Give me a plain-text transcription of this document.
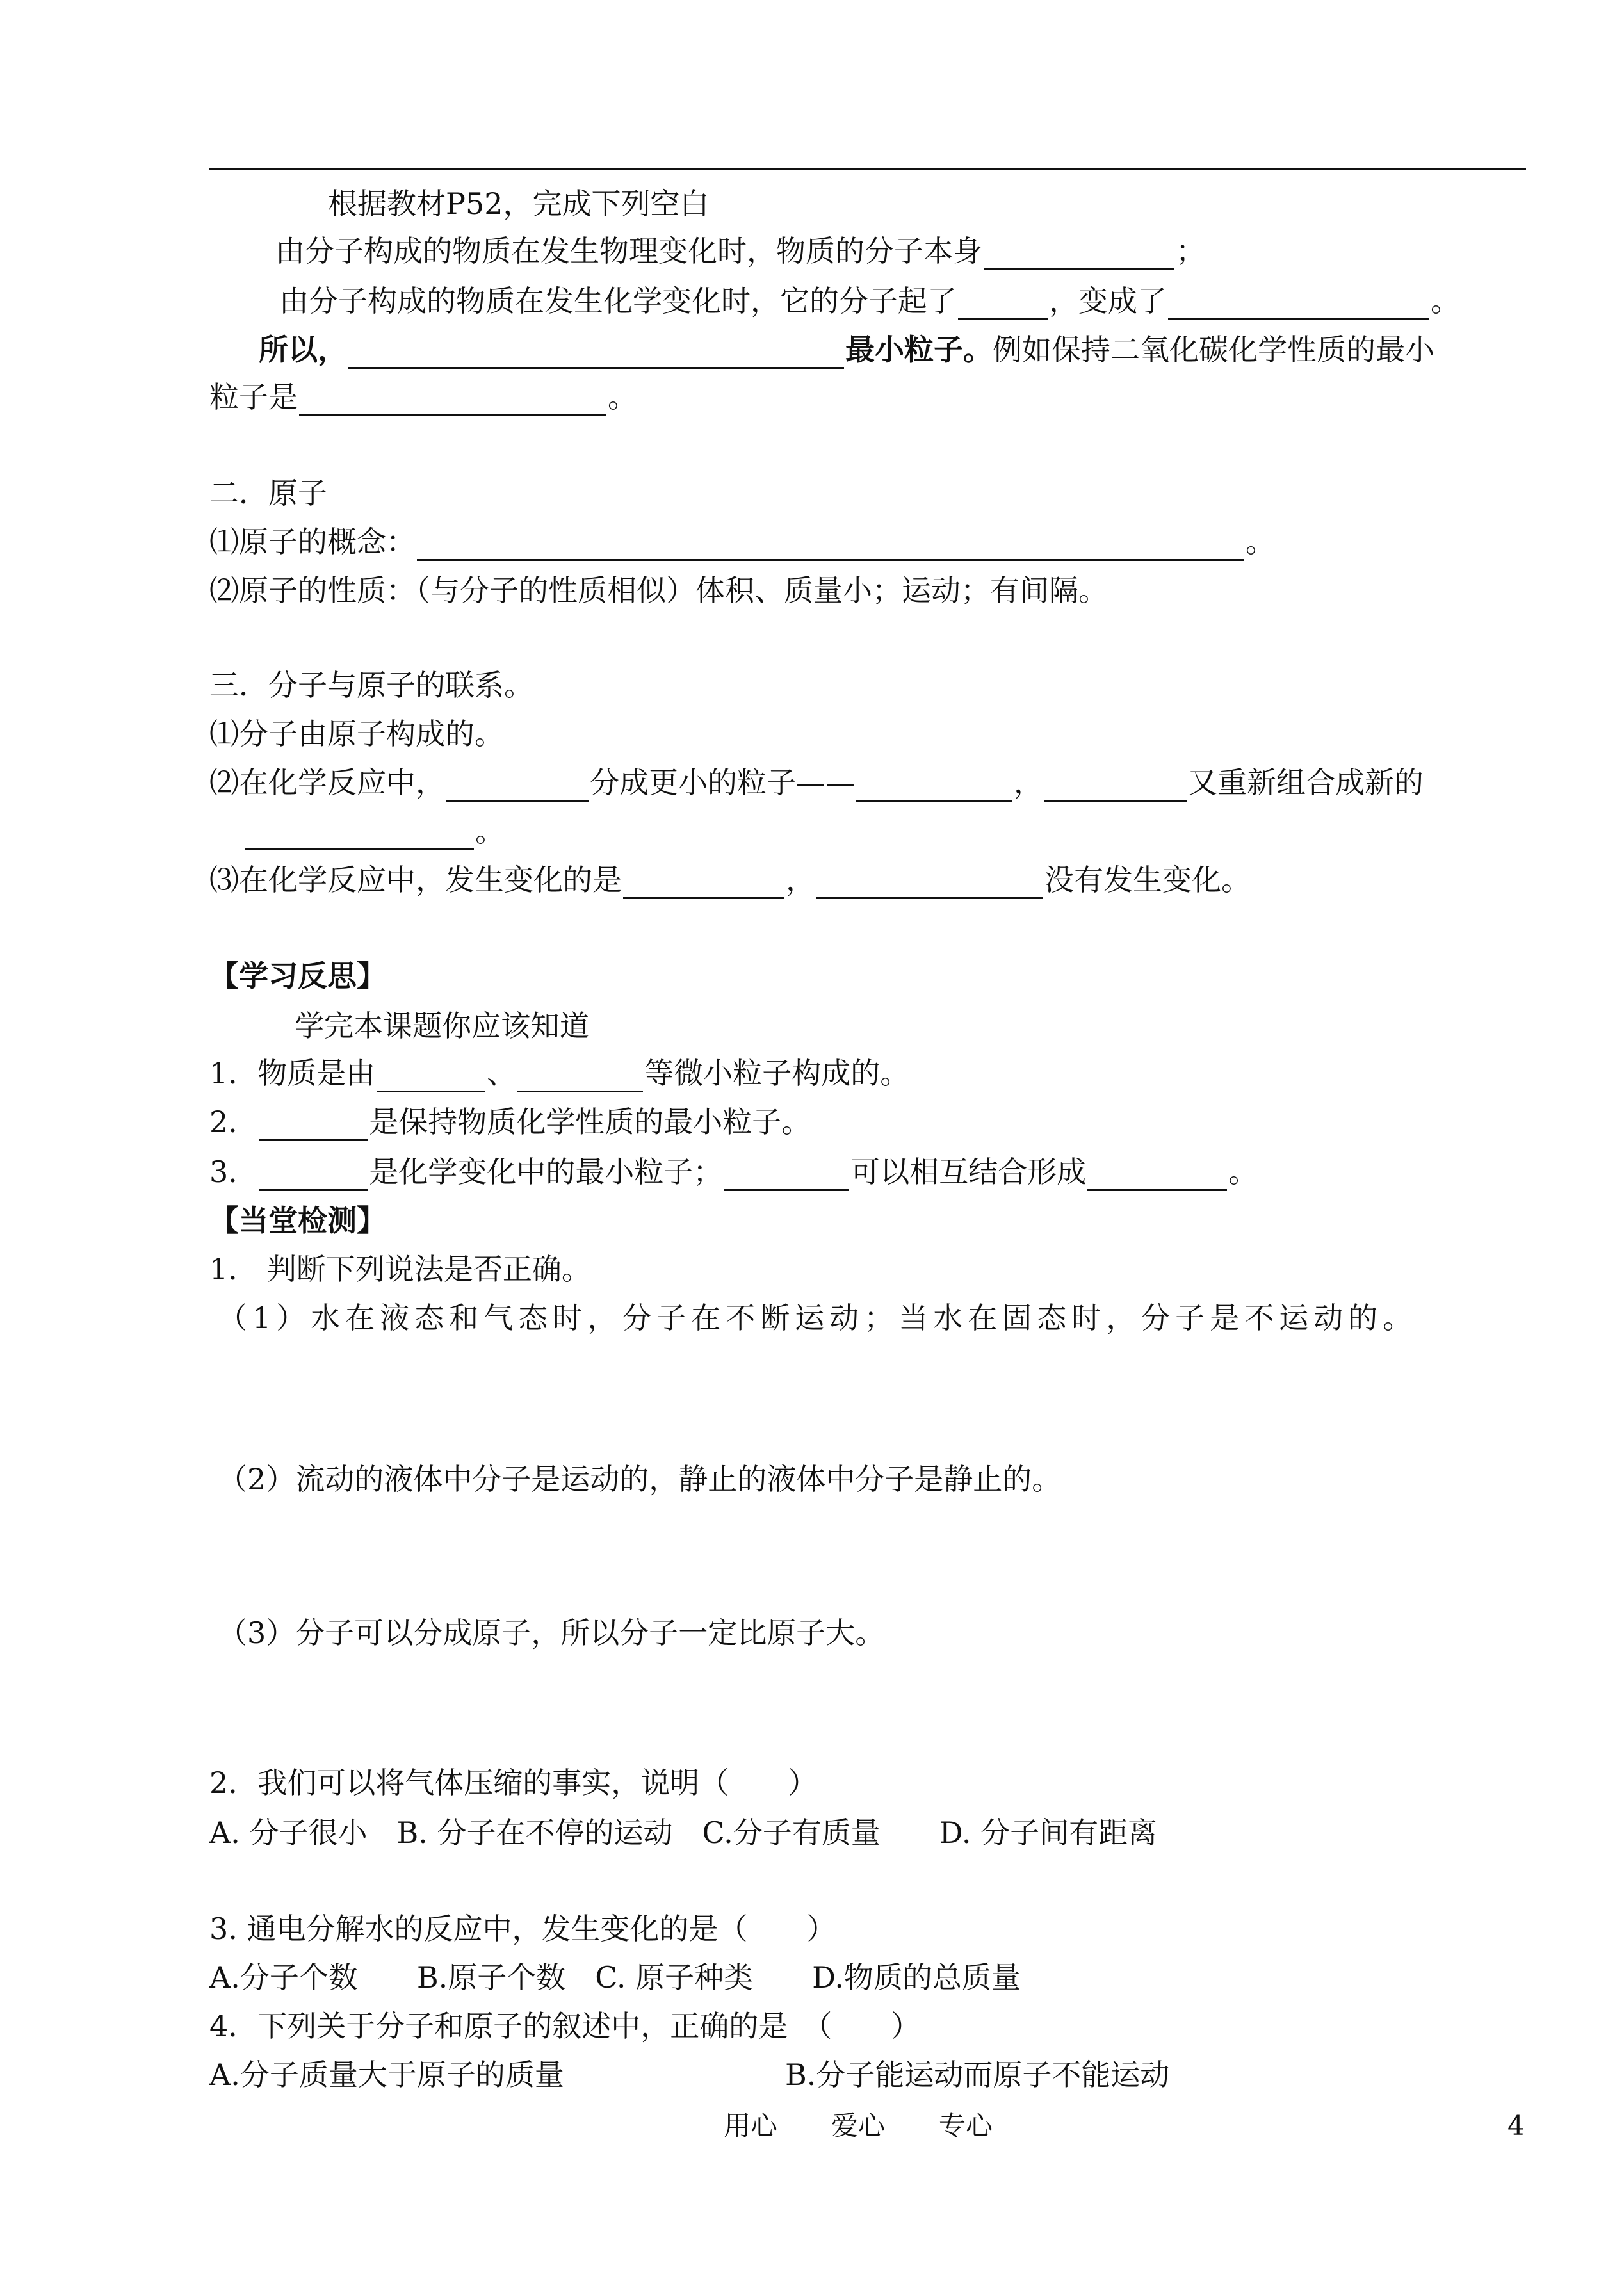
根据教材P52，完成下列空白
由分子构成的物质在发生物理变化时，物质的分子本身	；
由分子构成的物质在发生化学变化时，它的分子起了	，变成了	。
所以，	最小粒子。例如保持二氧化碳化学性质的最小
粒子是	。
二．原子
⑴原子的概念：	。
⑵原子的性质：（与分子的性质相似）体积、质量小；运动；有间隔。
三．分子与原子的联系。
⑴分子由原子构成的。
⑵在化学反应中，	分成更小的粒子——	，	又重新组合成新的
。
⑶在化学反应中，发生变化的是	，	没有发生变化。
【学习反思】
学完本课题你应该知道
1．物质是由	、	等微小粒子构成的。
2．	是保持物质化学性质的最小粒子。
3．	是化学变化中的最小粒子；	可以相互结合形成	。
【当堂检测】
1． 判断下列说法是否正确。
（1）水在液态和气态时，分子在不断运动；当水在固态时，分子是不运动的。
（2）流动的液体中分子是运动的，静止的液体中分子是静止的。
（3）分子可以分成原子，所以分子一定比原子大。
2．我们可以将气体压缩的事实，说明（　　）
A. 分子很小　B. 分子在不停的运动　C.分子有质量　　D. 分子间有距离
3. 通电分解水的反应中，发生变化的是（　　）
A.分子个数　　B.原子个数　C. 原子种类　　D.物质的总质量
4．下列关于分子和原子的叙述中，正确的是　（　　）
A.分子质量大于原子的质量	B.分子能运动而原子不能运动
用心　　爱心　　专心	4
